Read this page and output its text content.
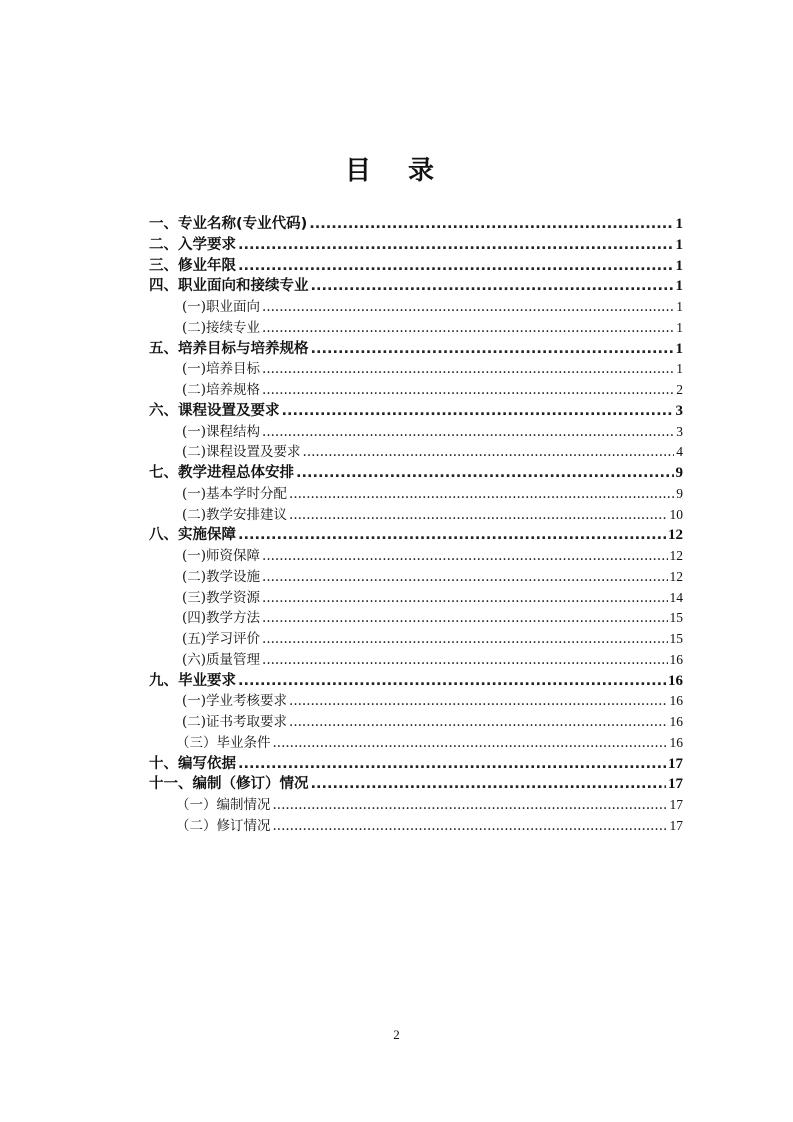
目 录
一、专业名称(专业代码) .....	1
二、入学要求 .....	1
三、修业年限 .....	1
四、职业面向和接续专业 .....	1
(一)职业面向 .....	1
(二)接续专业 .....	1
五、培养目标与培养规格 .....	1
(一)培养目标 .....	1
(二)培养规格 .....	2
六、课程设置及要求 .....	3
(一)课程结构 .....	3
(二)课程设置及要求 .....	4
七、教学进程总体安排 .....	9
(一)基本学时分配 .....	9
(二)教学安排建议 .....	10
八、实施保障 .....	12
(一)师资保障 .....	12
(二)教学设施 .....	12
(三)教学资源 .....	14
(四)教学方法 .....	15
(五)学习评价 .....	15
(六)质量管理 .....	16
九、毕业要求 .....	16
(一)学业考核要求 .....	16
(二)证书考取要求 .....	16
（三）毕业条件 .....	16
十、编写依据 .....	17
十一、编制（修订）情况 .....	17
（一）编制情况 .....	17
（二）修订情况 .....	17
2
